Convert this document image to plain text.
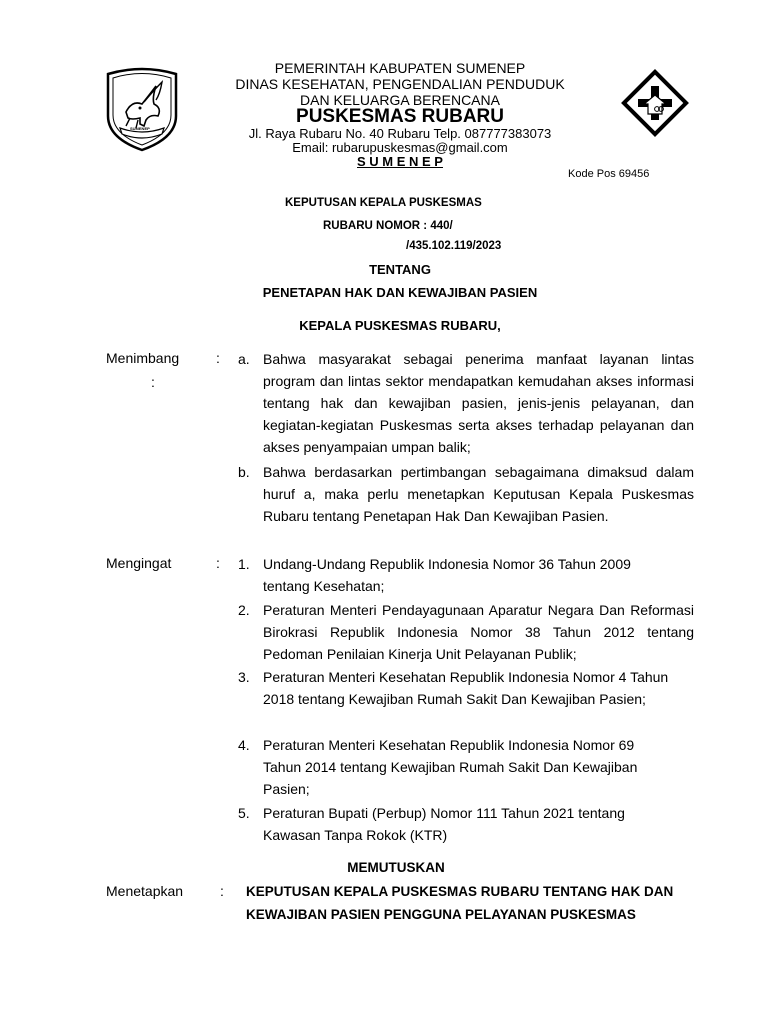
SUMENEP
PEMERINTAH KABUPATEN SUMENEP
DINAS KESEHATAN, PENGENDALIAN PENDUDUK
DAN KELUARGA BERENCANA
PUSKESMAS RUBARU
Jl. Raya Rubaru No. 40 Rubaru Telp. 087777383073
Email: rubarupuskesmas@gmail.com
S U M E N E P
Kode Pos 69456
KEPUTUSAN KEPALA PUSKESMAS
RUBARU NOMOR : 440/
/435.102.119/2023
TENTANG
PENETAPAN HAK DAN KEWAJIBAN PASIEN
KEPALA PUSKESMAS RUBARU,
Menimbang	:
:
a. Bahwa masyarakat sebagai penerima manfaat layanan lintas program dan lintas sektor mendapatkan kemudahan akses informasi tentang hak dan kewajiban pasien, jenis-jenis pelayanan, dan kegiatan-kegiatan Puskesmas serta akses terhadap pelayanan dan akses penyampaian umpan balik;
b. Bahwa berdasarkan pertimbangan sebagaimana dimaksud dalam huruf a, maka perlu menetapkan Keputusan Kepala Puskesmas Rubaru tentang Penetapan Hak Dan Kewajiban Pasien.
Mengingat	: 1. Undang-Undang Republik Indonesia Nomor 36 Tahun 2009 tentang Kesehatan;
2. Peraturan Menteri Pendayagunaan Aparatur Negara Dan Reformasi Birokrasi Republik Indonesia Nomor 38 Tahun 2012 tentang Pedoman Penilaian Kinerja Unit Pelayanan Publik;
3. Peraturan Menteri Kesehatan Republik Indonesia Nomor 4 Tahun 2018 tentang Kewajiban Rumah Sakit Dan Kewajiban Pasien;
4. Peraturan Menteri Kesehatan Republik Indonesia Nomor 69 Tahun 2014 tentang Kewajiban Rumah Sakit Dan Kewajiban Pasien;
5. Peraturan Bupati (Perbup) Nomor 111 Tahun 2021 tentang Kawasan Tanpa Rokok (KTR)
MEMUTUSKAN
Menetapkan	: KEPUTUSAN KEPALA PUSKESMAS RUBARU TENTANG HAK DAN KEWAJIBAN PASIEN PENGGUNA PELAYANAN PUSKESMAS
